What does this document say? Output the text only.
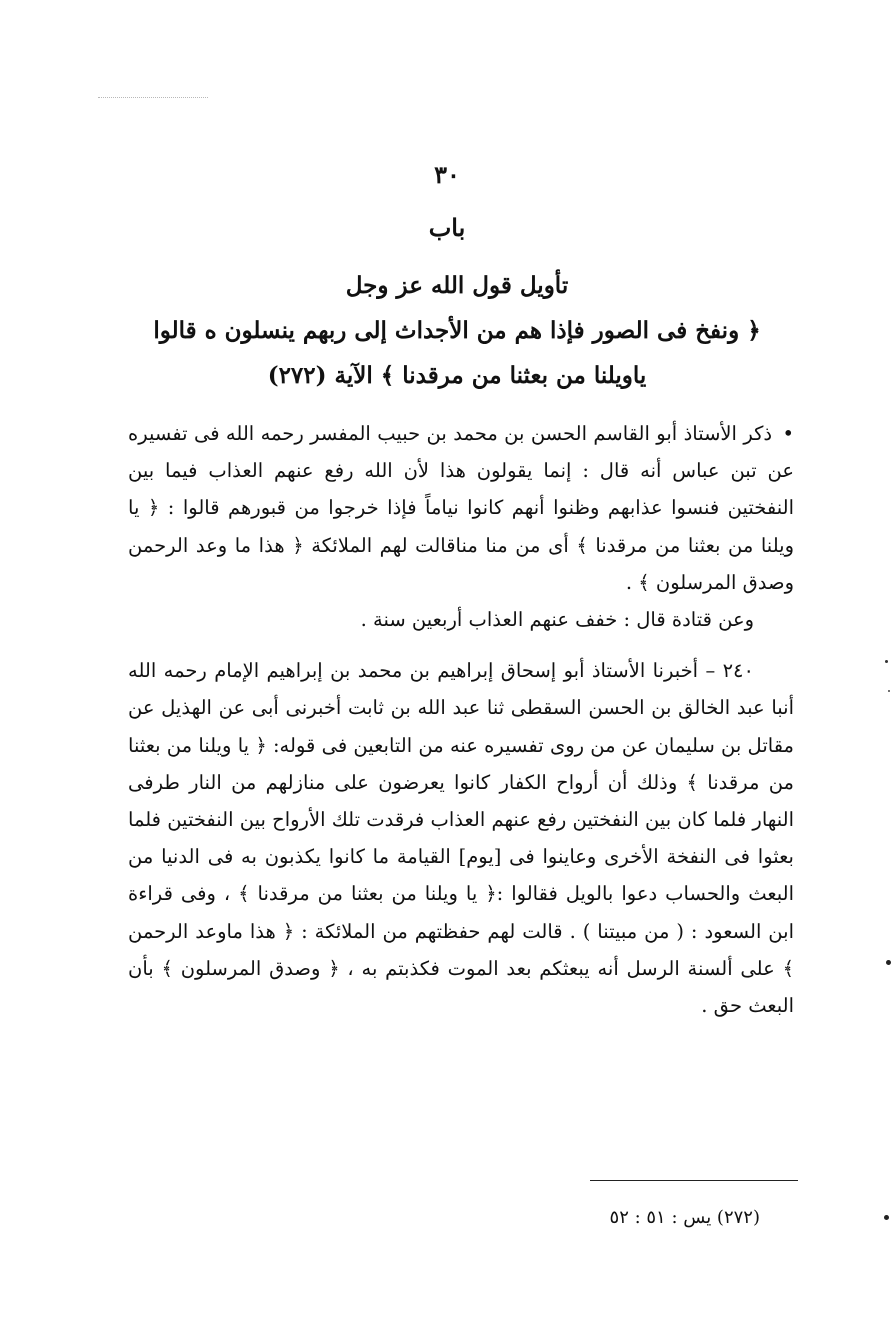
٣٠
باب
تأويل قول الله عز وجل
﴿ ونفخ فى الصور فإذا هم من الأجداث إلى ربهم ينسلون ه قالوا
ياويلنا من بعثنا من مرقدنا ﴾ الآية (٢٧٢)

• ذكر الأستاذ أبو القاسم الحسن بن محمد بن حبيب المفسر رحمه الله فى تفسيره عن تبن عباس أنه قال : إنما يقولون هذا لأن الله رفع عنهم العذاب فيما بين النفختين فنسوا عذابهم وظنوا أنهم كانوا نياماً فإذا خرجوا من قبورهم قالوا : ﴿ يا ويلنا من بعثنا من مرقدنا ﴾ أى من منا مناقالت لهم الملائكة ﴿ هذا ما وعد الرحمن وصدق المرسلون ﴾ .

وعن قتادة قال : خفف عنهم العذاب أربعين سنة .

٢٤٠ – أخبرنا الأستاذ أبو إسحاق إبراهيم بن محمد بن إبراهيم الإمام رحمه الله أنبا عبد الخالق بن الحسن السقطى ثنا عبد الله بن ثابت أخبرنى أبى عن الهذيل عن مقاتل بن سليمان عن من روى تفسيره عنه من التابعين فى قوله: ﴿ يا ويلنا من بعثنا من مرقدنا ﴾ وذلك أن أرواح الكفار كانوا يعرضون على منازلهم من النار طرفى النهار فلما كان بين النفختين رفع عنهم العذاب فرقدت تلك الأرواح بين النفختين فلما بعثوا فى النفخة الأخرى وعاينوا فى [يوم] القيامة ما كانوا يكذبون به فى الدنيا من البعث والحساب دعوا بالويل فقالوا :﴿ يا ويلنا من بعثنا من مرقدنا ﴾ ، وفى قراءة ابن السعود : ( من مبيتنا ) . قالت لهم حفظتهم من الملائكة : ﴿ هذا ماوعد الرحمن ﴾ على ألسنة الرسل أنه يبعثكم بعد الموت فكذبتم به ، ﴿ وصدق المرسلون ﴾ بأن البعث حق .

(٢٧٢) يس : ٥١ : ٥٢
